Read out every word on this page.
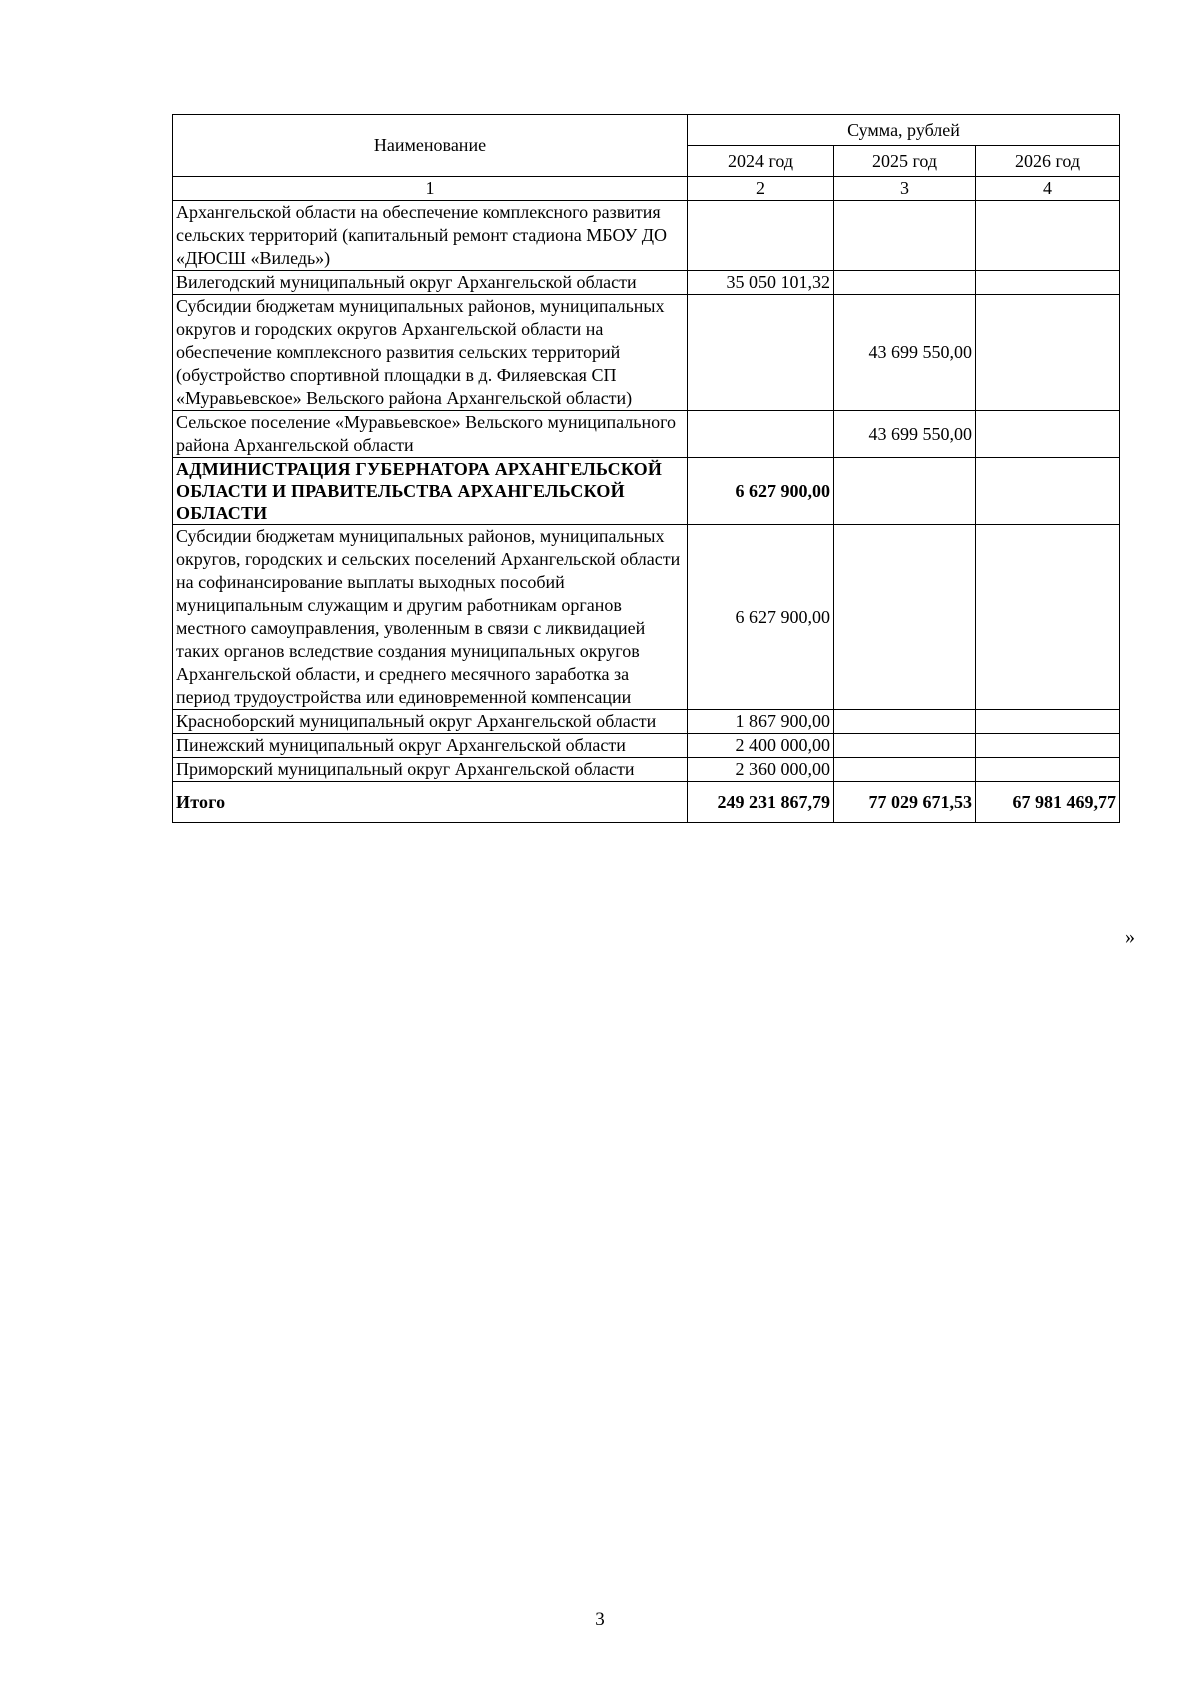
Наименование	Сумма, рублей		
	2024 год	2025 год	2026 год
1	2	3	4
Архангельской области на обеспечение комплексного развития сельских территорий (капитальный ремонт стадиона МБОУ ДО «ДЮСШ «Виледь»)			
Вилегодский муниципальный округ Архангельской области	35 050 101,32		
Субсидии бюджетам муниципальных районов, муниципальных округов и городских округов Архангельской области на обеспечение комплексного развития сельских территорий (обустройство спортивной площадки в д. Филяевская СП «Муравьевское» Вельского района Архангельской области)		43 699 550,00	
Сельское поселение «Муравьевское» Вельского муниципального района Архангельской области		43 699 550,00	
АДМИНИСТРАЦИЯ ГУБЕРНАТОРА АРХАНГЕЛЬСКОЙ ОБЛАСТИ И ПРАВИТЕЛЬСТВА АРХАНГЕЛЬСКОЙ ОБЛАСТИ	6 627 900,00		
Субсидии бюджетам муниципальных районов, муниципальных округов, городских и сельских поселений Архангельской области на софинансирование выплаты выходных пособий муниципальным служащим и другим работникам органов местного самоуправления, уволенным в связи с ликвидацией таких органов вследствие создания муниципальных округов Архангельской области, и среднего месячного заработка за период трудоустройства или единовременной компенсации	6 627 900,00		
Красноборский муниципальный округ Архангельской области	1 867 900,00		
Пинежский муниципальный округ Архангельской области	2 400 000,00		
Приморский муниципальный округ Архангельской области	2 360 000,00		
Итого	249 231 867,79	77 029 671,53	67 981 469,77
»
3
